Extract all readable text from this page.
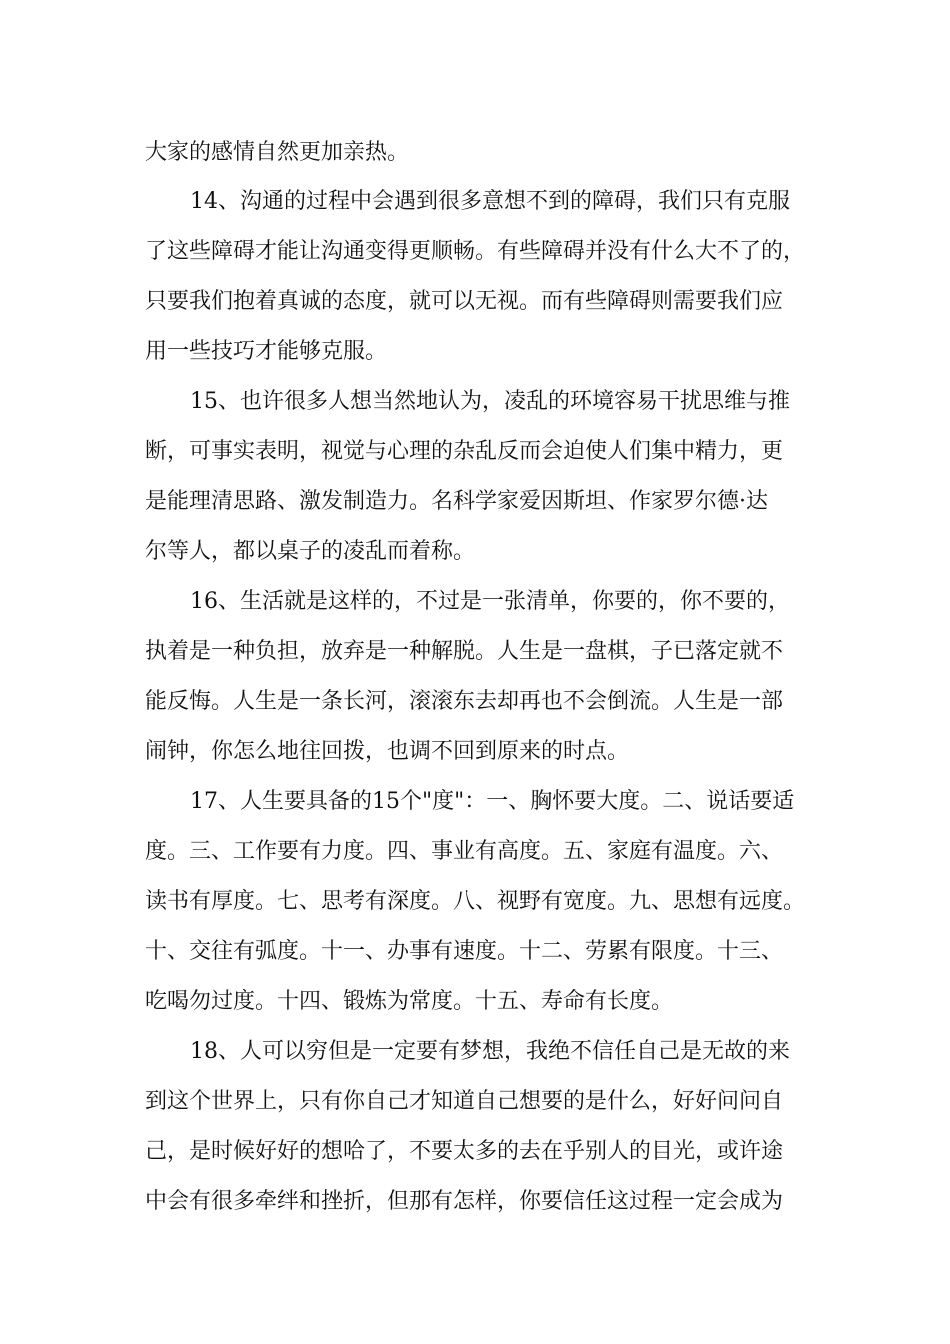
大家的感情自然更加亲热。
14、沟通的过程中会遇到很多意想不到的障碍，我们只有克服
了这些障碍才能让沟通变得更顺畅。有些障碍并没有什么大不了的，
只要我们抱着真诚的态度，就可以无视。而有些障碍则需要我们应
用一些技巧才能够克服。
15、也许很多人想当然地认为，凌乱的环境容易干扰思维与推
断，可事实表明，视觉与心理的杂乱反而会迫使人们集中精力，更
是能理清思路、激发制造力。名科学家爱因斯坦、作家罗尔德·达
尔等人，都以桌子的凌乱而着称。
16、生活就是这样的，不过是一张清单，你要的，你不要的，
执着是一种负担，放弃是一种解脱。人生是一盘棋，子已落定就不
能反悔。人生是一条长河，滚滚东去却再也不会倒流。人生是一部
闹钟，你怎么地往回拨，也调不回到原来的时点。
17、人生要具备的15个"度"：一、胸怀要大度。二、说话要适
度。三、工作要有力度。四、事业有高度。五、家庭有温度。六、
读书有厚度。七、思考有深度。八、视野有宽度。九、思想有远度。
十、交往有弧度。十一、办事有速度。十二、劳累有限度。十三、
吃喝勿过度。十四、锻炼为常度。十五、寿命有长度。
18、人可以穷但是一定要有梦想，我绝不信任自己是无故的来
到这个世界上，只有你自己才知道自己想要的是什么，好好问问自
己，是时候好好的想哈了，不要太多的去在乎别人的目光，或许途
中会有很多牵绊和挫折，但那有怎样，你要信任这过程一定会成为
